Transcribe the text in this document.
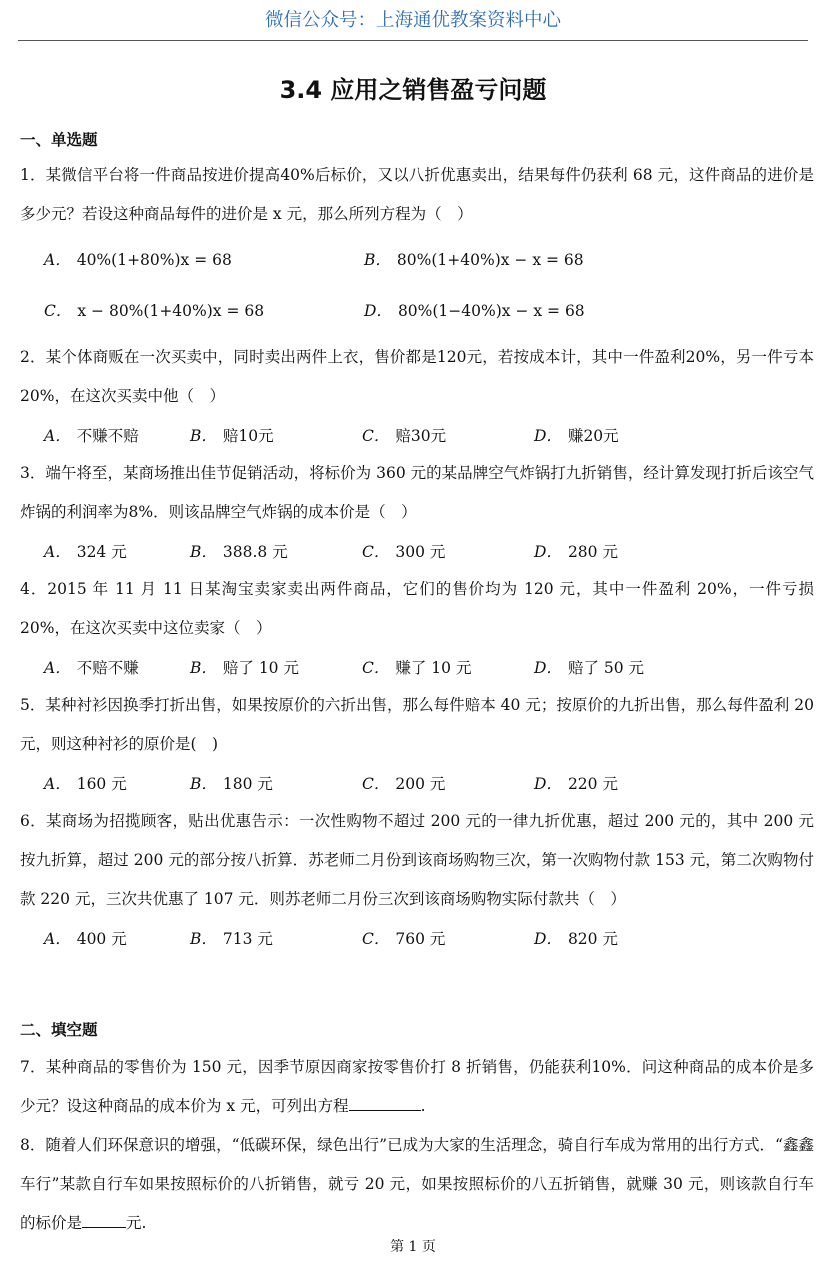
微信公众号：上海通优教案资料中心
3.4 应用之销售盈亏问题
一、单选题
1．某微信平台将一件商品按进价提高40%后标价，又以八折优惠卖出，结果每件仍获利 68 元，这件商品的进价是多少元？若设这种商品每件的进价是 x 元，那么所列方程为（　）
A． 40%(1+80%)x = 68	B． 80%(1+40%)x − x = 68
C． x − 80%(1+40%)x = 68	D． 80%(1−40%)x − x = 68
2．某个体商贩在一次买卖中，同时卖出两件上衣，售价都是120元，若按成本计，其中一件盈利20%，另一件亏本 20%，在这次买卖中他（　）
A． 不赚不赔	B． 赔10元	C． 赔30元	D． 赚20元
3．端午将至，某商场推出佳节促销活动，将标价为 360 元的某品牌空气炸锅打九折销售，经计算发现打折后该空气炸锅的利润率为8%．则该品牌空气炸锅的成本价是（　）
A． 324 元	B． 388.8 元	C． 300 元	D． 280 元
4．2015 年 11 月 11 日某淘宝卖家卖出两件商品，它们的售价均为 120 元，其中一件盈利 20%，一件亏损 20%，在这次买卖中这位卖家（　）
A． 不赔不赚	B． 赔了 10 元	C． 赚了 10 元	D． 赔了 50 元
5．某种衬衫因换季打折出售，如果按原价的六折出售，那么每件赔本 40 元；按原价的九折出售，那么每件盈利 20 元，则这种衬衫的原价是(　)
A． 160 元	B． 180 元	C． 200 元	D． 220 元
6．某商场为招揽顾客，贴出优惠告示：一次性购物不超过 200 元的一律九折优惠，超过 200 元的，其中 200 元按九折算，超过 200 元的部分按八折算．苏老师二月份到该商场购物三次，第一次购物付款 153 元，第二次购物付款 220 元，三次共优惠了 107 元．则苏老师二月份三次到该商场购物实际付款共（　）
A． 400 元	B． 713 元	C． 760 元	D． 820 元
二、填空题
7．某种商品的零售价为 150 元，因季节原因商家按零售价打 8 折销售，仍能获利10%．问这种商品的成本价是多少元？设这种商品的成本价为 x 元，可列出方程	.
8．随着人们环保意识的增强，“低碳环保，绿色出行”已成为大家的生活理念，骑自行车成为常用的出行方式．“鑫鑫车行”某款自行车如果按照标价的八折销售，就亏 20 元，如果按照标价的八五折销售，就赚 30 元，则该款自行车的标价是	元.
第 1 页
